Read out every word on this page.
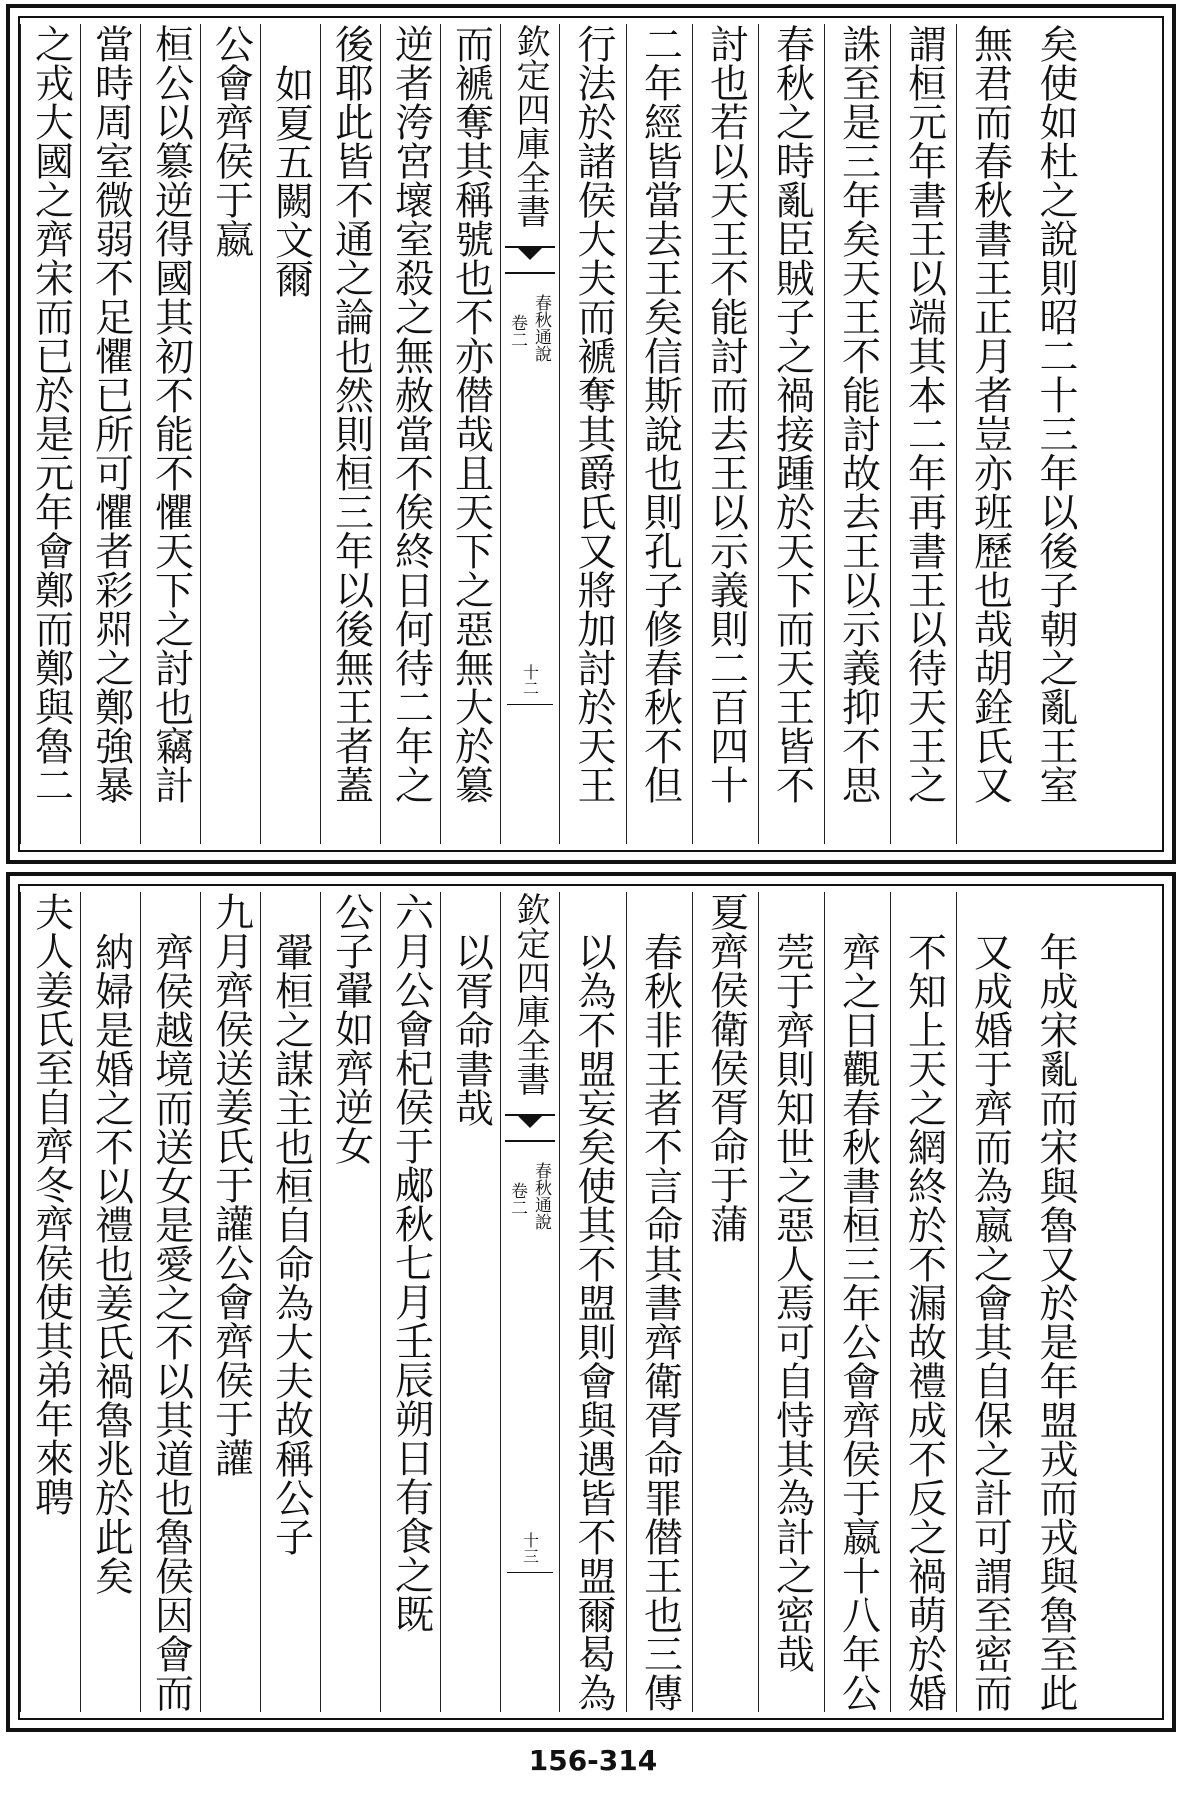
之戎大國之齊宋而已於是元年會鄭而鄭與魯二 當時周室微弱不足懼已所可懼者彩喌之鄭強暴 桓公以簒逆得國其初不能不懼天下之討也竊計 公會齊侯于嬴 如夏五闕文爾 後耶此皆不通之論也然則桓三年以後無王者蓋 逆者洿宮壞室殺之無赦當不俟終日何待二年之 而褫奪其稱號也不亦僣哉且天下之惡無大於簒 欽定四庫全書
春秋通說
卷二
十二 行法於諸侯大夫而褫奪其爵氏又將加討於天王 二年經皆當去王矣信斯說也則孔子修春秋不但 討也若以天王不能討而去王以示義則二百四十 春秋之時亂臣賊子之禍接踵於天下而天王皆不 誅至是三年矣天王不能討故去王以示義抑不思 謂桓元年書王以端其本二年再書王以待天王之 無君而春秋書王正月者豈亦班歷也哉胡銓氏又 矣使如杜之說則昭二十三年以後子朝之亂王室
夫人姜氏至自齊冬齊侯使其弟年來聘 納婦是婚之不以禮也姜氏禍魯兆於此矣 齊侯越境而送女是愛之不以其道也魯侯因會而 九月齊侯送姜氏于讙公會齊侯于讙 翬桓之謀主也桓自命為大夫故稱公子 公子翬如齊逆女 六月公會杞侯于郕秋七月壬辰朔日有食之既 以胥命書哉 欽定四庫全書
春秋通說
卷二
十三 以為不盟妄矣使其不盟則會與遇皆不盟爾曷為 春秋非王者不言命其書齊衛胥命罪僣王也三傳 夏齊侯衛侯胥命于蒲 莞于齊則知世之惡人焉可自恃其為計之密哉 齊之日觀春秋書桓三年公會齊侯于嬴十八年公 不知上天之網終於不漏故禮成不反之禍萌於婚 又成婚于齊而為嬴之會其自保之計可謂至密而 年成宋亂而宋與魯又於是年盟戎而戎與魯至此
156-314
